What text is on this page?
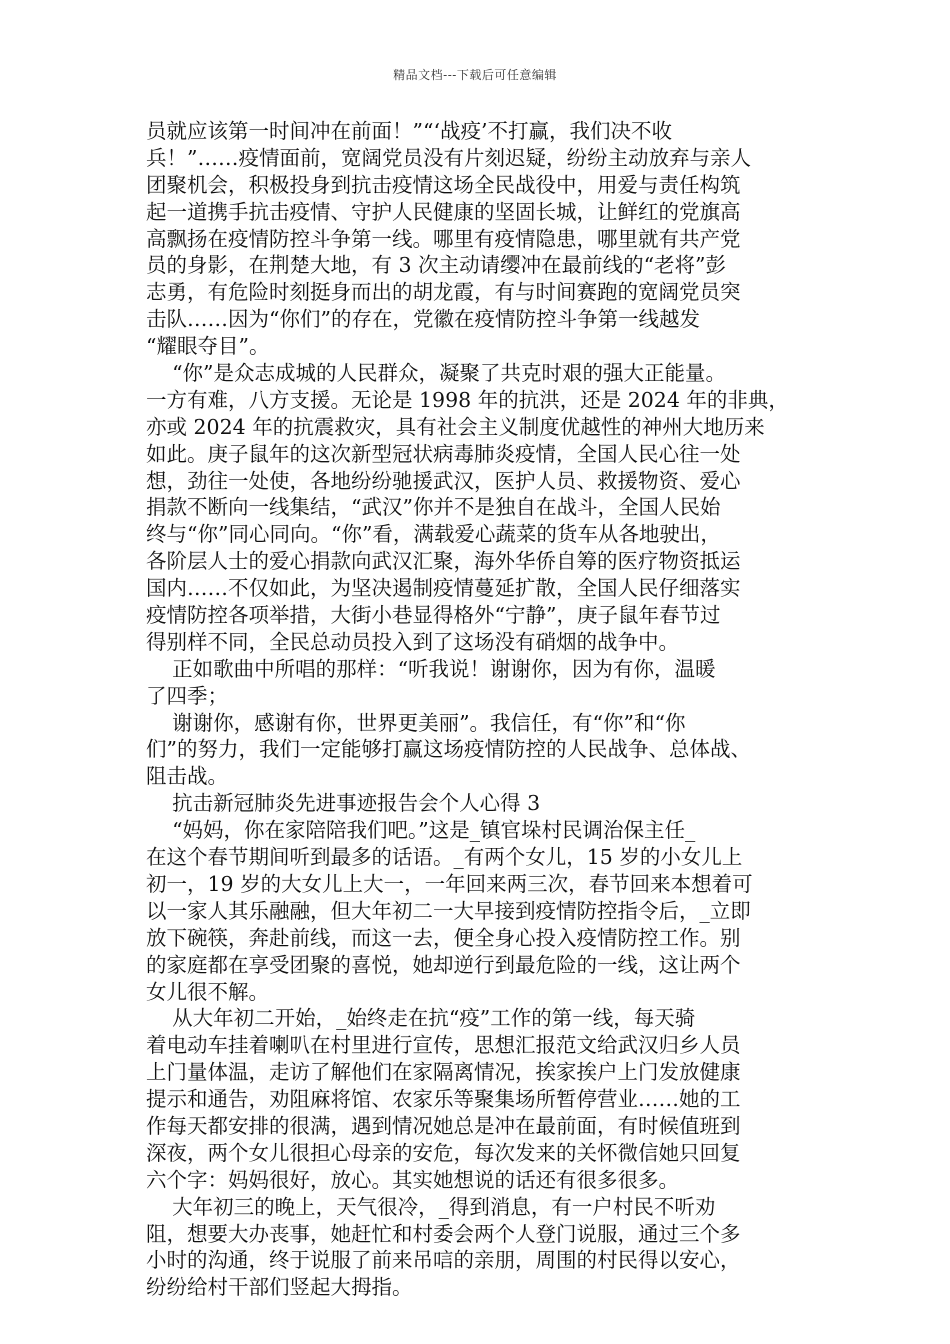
精品文档---下载后可任意编辑
员就应该第一时间冲在前面！”“‘战疫’不打赢，我们决不收
兵！”……疫情面前，宽阔党员没有片刻迟疑，纷纷主动放弃与亲人
团聚机会，积极投身到抗击疫情这场全民战役中，用爱与责任构筑
起一道携手抗击疫情、守护人民健康的坚固长城，让鲜红的党旗高
高飘扬在疫情防控斗争第一线。哪里有疫情隐患，哪里就有共产党
员的身影，在荆楚大地，有 3 次主动请缨冲在最前线的“老将”彭
志勇，有危险时刻挺身而出的胡龙霞，有与时间赛跑的宽阔党员突
击队……因为“你们”的存在，党徽在疫情防控斗争第一线越发
“耀眼夺目”。
“你”是众志成城的人民群众，凝聚了共克时艰的强大正能量。
一方有难，八方支援。无论是 1998 年的抗洪，还是 2024 年的非典，
亦或 2024 年的抗震救灾，具有社会主义制度优越性的神州大地历来
如此。庚子鼠年的这次新型冠状病毒肺炎疫情，全国人民心往一处
想，劲往一处使，各地纷纷驰援武汉，医护人员、救援物资、爱心
捐款不断向一线集结，“武汉”你并不是独自在战斗，全国人民始
终与“你”同心同向。“你”看，满载爱心蔬菜的货车从各地驶出，
各阶层人士的爱心捐款向武汉汇聚，海外华侨自筹的医疗物资抵运
国内……不仅如此，为坚决遏制疫情蔓延扩散，全国人民仔细落实
疫情防控各项举措，大街小巷显得格外“宁静”，庚子鼠年春节过
得别样不同，全民总动员投入到了这场没有硝烟的战争中。
正如歌曲中所唱的那样：“听我说！谢谢你，因为有你，温暖
了四季；
谢谢你，感谢有你，世界更美丽”。我信任，有“你”和“你
们”的努力，我们一定能够打赢这场疫情防控的人民战争、总体战、
阻击战。
抗击新冠肺炎先进事迹报告会个人心得 3
“妈妈，你在家陪陪我们吧。”这是_镇官垛村民调治保主任_
在这个春节期间听到最多的话语。_有两个女儿，15 岁的小女儿上
初一，19 岁的大女儿上大一，一年回来两三次，春节回来本想着可
以一家人其乐融融，但大年初二一大早接到疫情防控指令后，_立即
放下碗筷，奔赴前线，而这一去，便全身心投入疫情防控工作。别
的家庭都在享受团聚的喜悦，她却逆行到最危险的一线，这让两个
女儿很不解。
从大年初二开始，_始终走在抗“疫”工作的第一线，每天骑
着电动车挂着喇叭在村里进行宣传，思想汇报范文给武汉归乡人员
上门量体温，走访了解他们在家隔离情况，挨家挨户上门发放健康
提示和通告，劝阻麻将馆、农家乐等聚集场所暂停营业……她的工
作每天都安排的很满，遇到情况她总是冲在最前面，有时候值班到
深夜，两个女儿很担心母亲的安危，每次发来的关怀微信她只回复
六个字：妈妈很好，放心。其实她想说的话还有很多很多。
大年初三的晚上，天气很冷，_得到消息，有一户村民不听劝
阻，想要大办丧事，她赶忙和村委会两个人登门说服，通过三个多
小时的沟通，终于说服了前来吊唁的亲朋，周围的村民得以安心，
纷纷给村干部们竖起大拇指。
